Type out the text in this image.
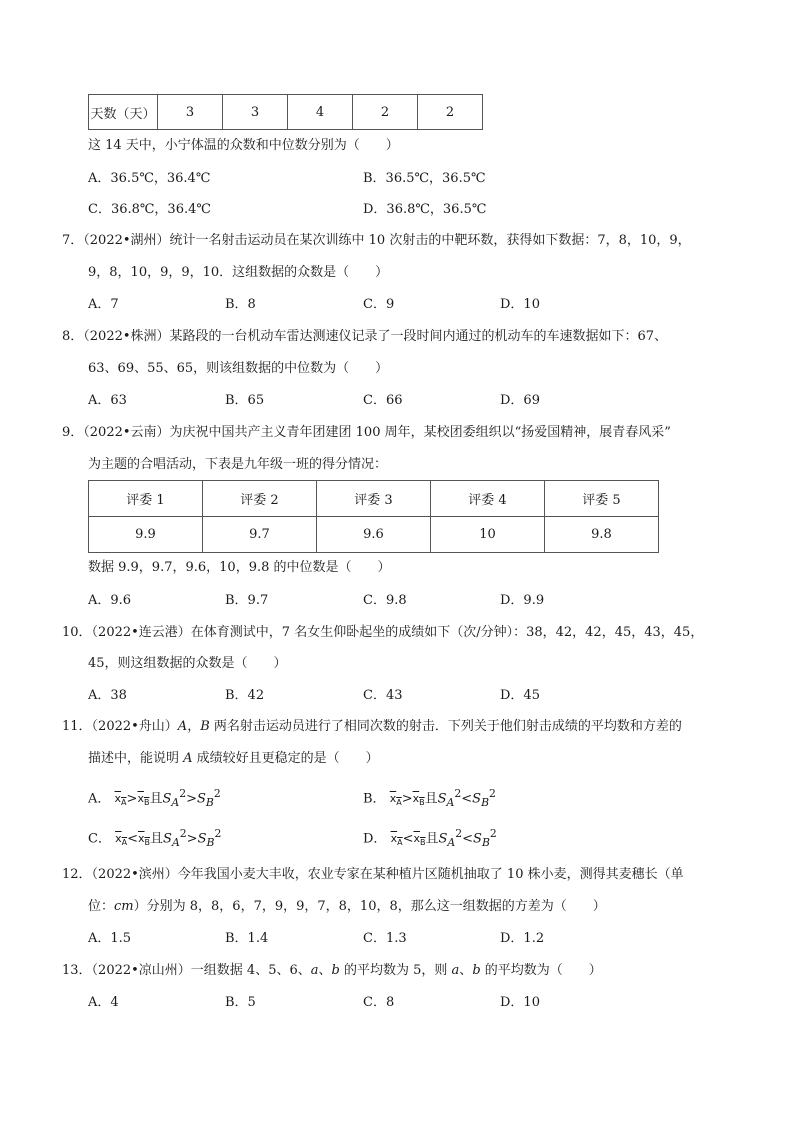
天数（天）	3	3	4	2	2
这 14 天中，小宁体温的众数和中位数分别为（　　）
A．36.5℃，36.4℃	B．36.5℃，36.5℃
C．36.8℃，36.4℃	D．36.8℃，36.5℃
7．（2022•湖州）统计一名射击运动员在某次训练中 10 次射击的中靶环数，获得如下数据：7，8，10，9，
9，8，10，9，9，10．这组数据的众数是（　　）
A．7	B．8	C．9	D．10
8．（2022•株洲）某路段的一台机动车雷达测速仪记录了一段时间内通过的机动车的车速数据如下：67、
63、69、55、65，则该组数据的中位数为（　　）
A．63	B．65	C．66	D．69
9．（2022•云南）为庆祝中国共产主义青年团建团 100 周年，某校团委组织以“扬爱国精神，展青春风采”
为主题的合唱活动，下表是九年级一班的得分情况：
评委 1	评委 2	评委 3	评委 4	评委 5
9.9	9.7	9.6	10	9.8
数据 9.9，9.7，9.6，10，9.8 的中位数是（　　）
A．9.6	B．9.7	C．9.8	D．9.9
10．（2022•连云港）在体育测试中，7 名女生仰卧起坐的成绩如下（次/分钟）：38，42，42，45，43，45，
45，则这组数据的众数是（　　）
A．38	B．42	C．43	D．45
11．（2022•舟山）A，B 两名射击运动员进行了相同次数的射击．下列关于他们射击成绩的平均数和方差的
描述中，能说明 A 成绩较好且更稳定的是（　　）
A． $x_A>x_B$且$S_A^2>S_B^2$	B． $x_A>x_B$且$S_A^2<S_B^2$
C． $x_A<x_B$且$S_A^2>S_B^2$	D． $x_A<x_B$且$S_A^2<S_B^2$
12．（2022•滨州）今年我国小麦大丰收，农业专家在某种植片区随机抽取了 10 株小麦，测得其麦穗长（单
位：cm）分别为 8，8，6，7，9，9，7，8，10，8，那么这一组数据的方差为（　　）
A．1.5	B．1.4	C．1.3	D．1.2
13．（2022•凉山州）一组数据 4、5、6、a、b 的平均数为 5，则 a、b 的平均数为（　　）
A．4	B．5	C．8	D．10
